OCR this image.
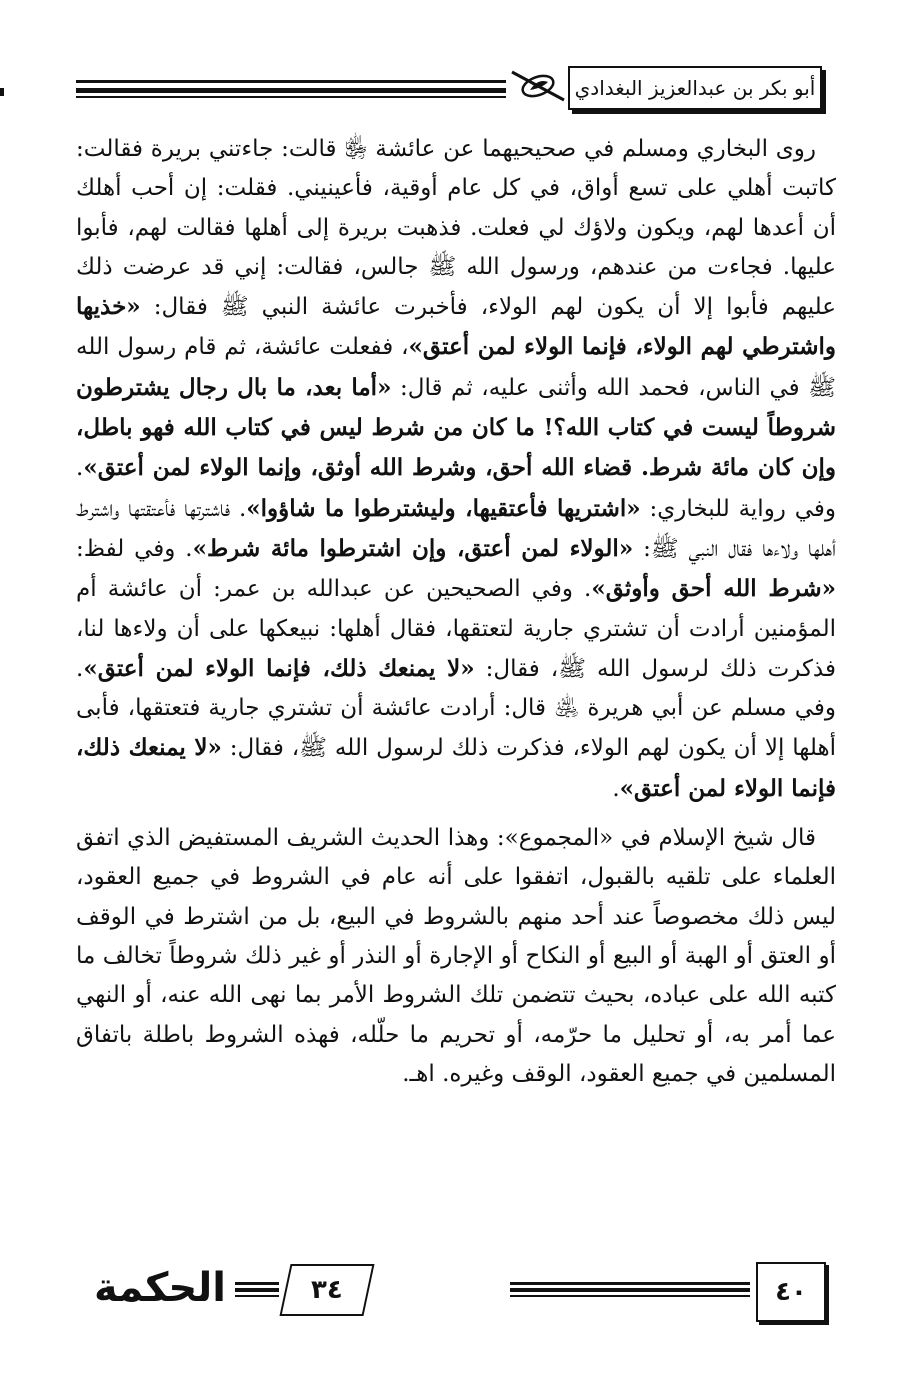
أبو بكر بن عبدالعزيز البغدادي

روى البخاري ومسلم في صحيحيهما عن عائشة ﵂ قالت: جاءتني بريرة فقالت: كاتبت أهلي على تسع أواق، في كل عام أوقية، فأعينيني. فقلت: إن أحب أهلك أن أعدها لهم، ويكون ولاؤك لي فعلت. فذهبت بريرة إلى أهلها فقالت لهم، فأبوا عليها. فجاءت من عندهم، ورسول الله ﷺ جالس، فقالت: إني قد عرضت ذلك عليهم فأبوا إلا أن يكون لهم الولاء، فأخبرت عائشة النبي ﷺ فقال: «خذيها واشترطي لهم الولاء، فإنما الولاء لمن أعتق»، ففعلت عائشة، ثم قام رسول الله ﷺ في الناس، فحمد الله وأثنى عليه، ثم قال: «أما بعد، ما بال رجال يشترطون شروطاً ليست في كتاب الله؟! ما كان من شرط ليس في كتاب الله فهو باطل، وإن كان مائة شرط. قضاء الله أحق، وشرط الله أوثق، وإنما الولاء لمن أعتق». وفي رواية للبخاري: «اشتريها فأعتقيها، وليشترطوا ما شاؤوا». فاشترتها فأعتقتها واشترط أهلها ولاءها فقال النبي ﷺ: «الولاء لمن أعتق، وإن اشترطوا مائة شرط». وفي لفظ: «شرط الله أحق وأوثق». وفي الصحيحين عن عبدالله بن عمر: أن عائشة أم المؤمنين أرادت أن تشتري جارية لتعتقها، فقال أهلها: نبيعكها على أن ولاءها لنا، فذكرت ذلك لرسول الله ﷺ، فقال: «لا يمنعك ذلك، فإنما الولاء لمن أعتق». وفي مسلم عن أبي هريرة ﵁ قال: أرادت عائشة أن تشتري جارية فتعتقها، فأبى أهلها إلا أن يكون لهم الولاء، فذكرت ذلك لرسول الله ﷺ، فقال: «لا يمنعك ذلك، فإنما الولاء لمن أعتق».

قال شيخ الإسلام في «المجموع»: وهذا الحديث الشريف المستفيض الذي اتفق العلماء على تلقيه بالقبول، اتفقوا على أنه عام في الشروط في جميع العقود، ليس ذلك مخصوصاً عند أحد منهم بالشروط في البيع، بل من اشترط في الوقف أو العتق أو الهبة أو البيع أو النكاح أو الإجارة أو النذر أو غير ذلك شروطاً تخالف ما كتبه الله على عباده، بحيث تتضمن تلك الشروط الأمر بما نهى الله عنه، أو النهي عما أمر به، أو تحليل ما حرّمه، أو تحريم ما حلّله، فهذه الشروط باطلة باتفاق المسلمين في جميع العقود، الوقف وغيره. اهـ.

٤٠
٣٤
الحكمة
